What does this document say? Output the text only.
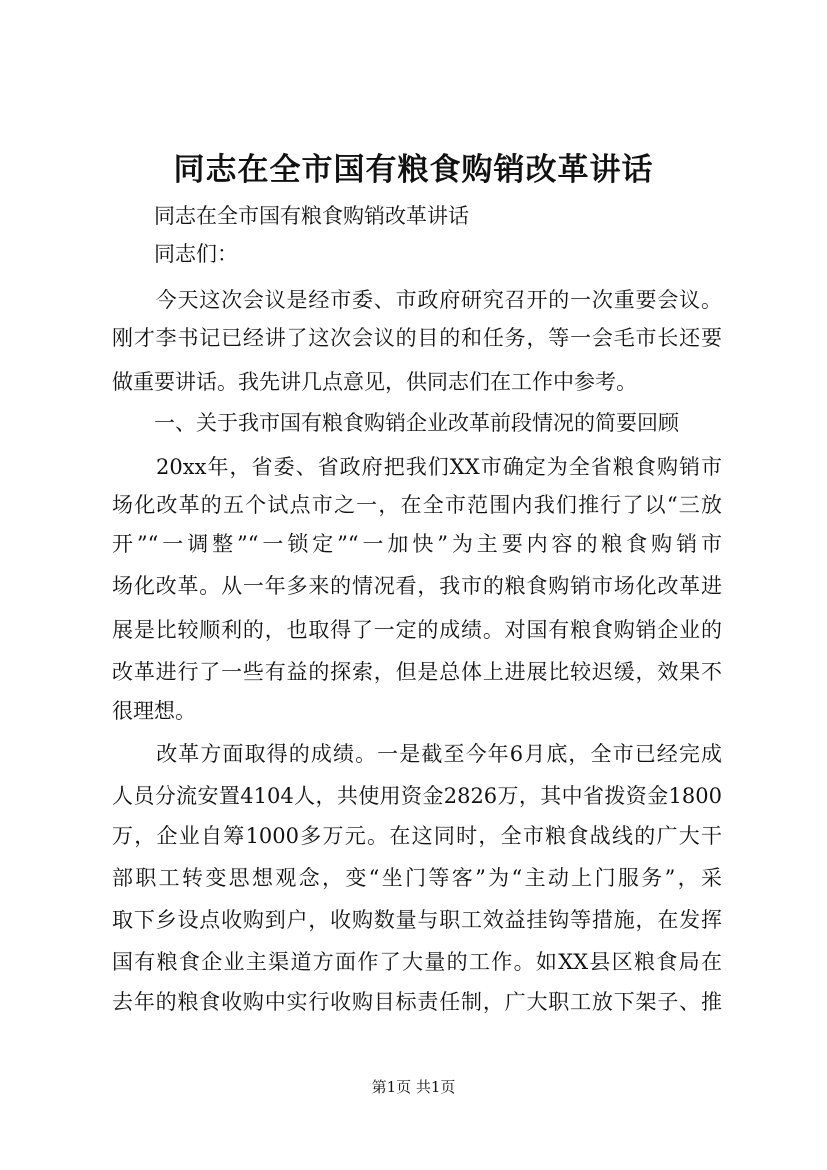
同志在全市国有粮食购销改革讲话
　　同志在全市国有粮食购销改革讲话
　　同志们：
　　今天这次会议是经市委、市政府研究召开的一次重要会议。
刚才李书记已经讲了这次会议的目的和任务，等一会毛市长还要
做重要讲话。我先讲几点意见，供同志们在工作中参考。
　　一、关于我市国有粮食购销企业改革前段情况的简要回顾
　　20xx年，省委、省政府把我们XX市确定为全省粮食购销市
场化改革的五个试点市之一，在全市范围内我们推行了以“三放
开”“一调整”“一锁定”“一加快”为主要内容的粮食购销市
场化改革。从一年多来的情况看，我市的粮食购销市场化改革进
展是比较顺利的，也取得了一定的成绩。对国有粮食购销企业的
改革进行了一些有益的探索，但是总体上进展比较迟缓，效果不
很理想。
　　改革方面取得的成绩。一是截至今年6月底，全市已经完成
人员分流安置4104人，共使用资金2826万，其中省拨资金1800
万，企业自筹1000多万元。在这同时，全市粮食战线的广大干
部职工转变思想观念，变“坐门等客”为“主动上门服务”，采
取下乡设点收购到户，收购数量与职工效益挂钩等措施，在发挥
国有粮食企业主渠道方面作了大量的工作。如XX县区粮食局在
去年的粮食收购中实行收购目标责任制，广大职工放下架子、推
第1页 共1页
